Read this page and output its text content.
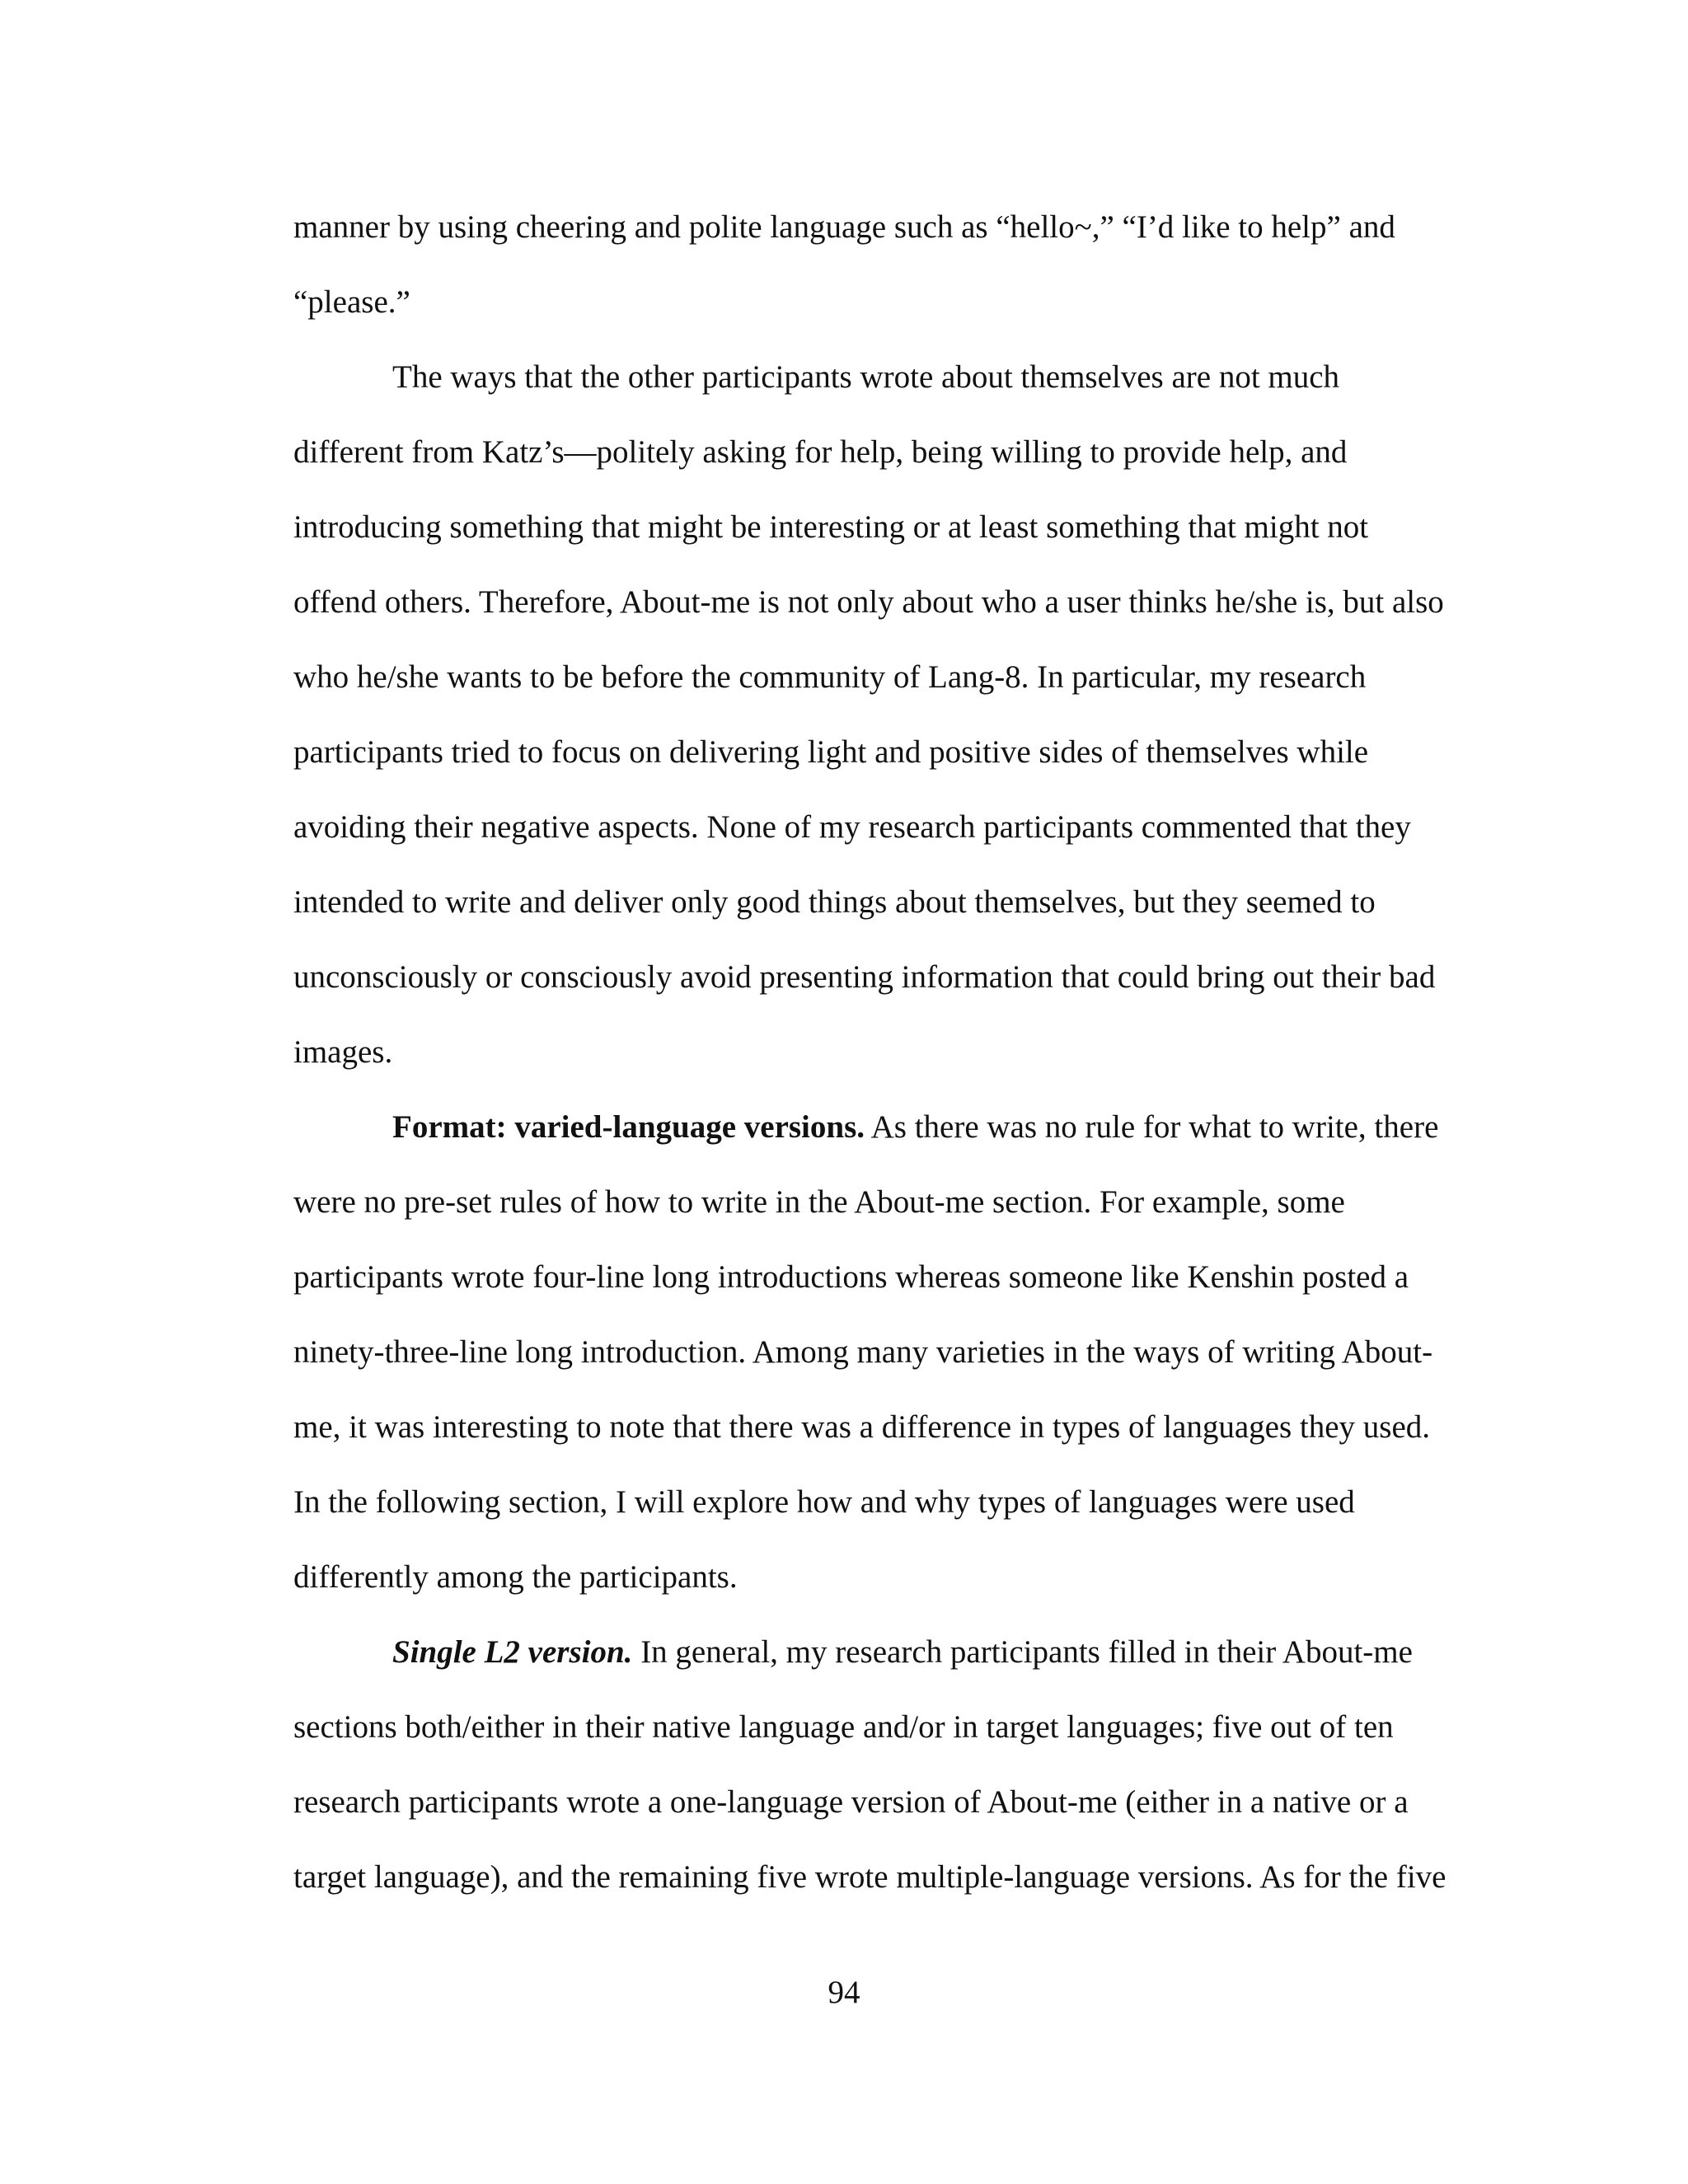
manner by using cheering and polite language such as “hello~,” “I’d like to help” and
“please.”
The ways that the other participants wrote about themselves are not much
different from Katz’s—politely asking for help, being willing to provide help, and
introducing something that might be interesting or at least something that might not
offend others. Therefore, About-me is not only about who a user thinks he/she is, but also
who he/she wants to be before the community of Lang-8. In particular, my research
participants tried to focus on delivering light and positive sides of themselves while
avoiding their negative aspects. None of my research participants commented that they
intended to write and deliver only good things about themselves, but they seemed to
unconsciously or consciously avoid presenting information that could bring out their bad
images.
Format: varied-language versions. As there was no rule for what to write, there
were no pre-set rules of how to write in the About-me section. For example, some
participants wrote four-line long introductions whereas someone like Kenshin posted a
ninety-three-line long introduction. Among many varieties in the ways of writing About-
me, it was interesting to note that there was a difference in types of languages they used.
In the following section, I will explore how and why types of languages were used
differently among the participants.
Single L2 version. In general, my research participants filled in their About-me
sections both/either in their native language and/or in target languages; five out of ten
research participants wrote a one-language version of About-me (either in a native or a
target language), and the remaining five wrote multiple-language versions. As for the five
94
